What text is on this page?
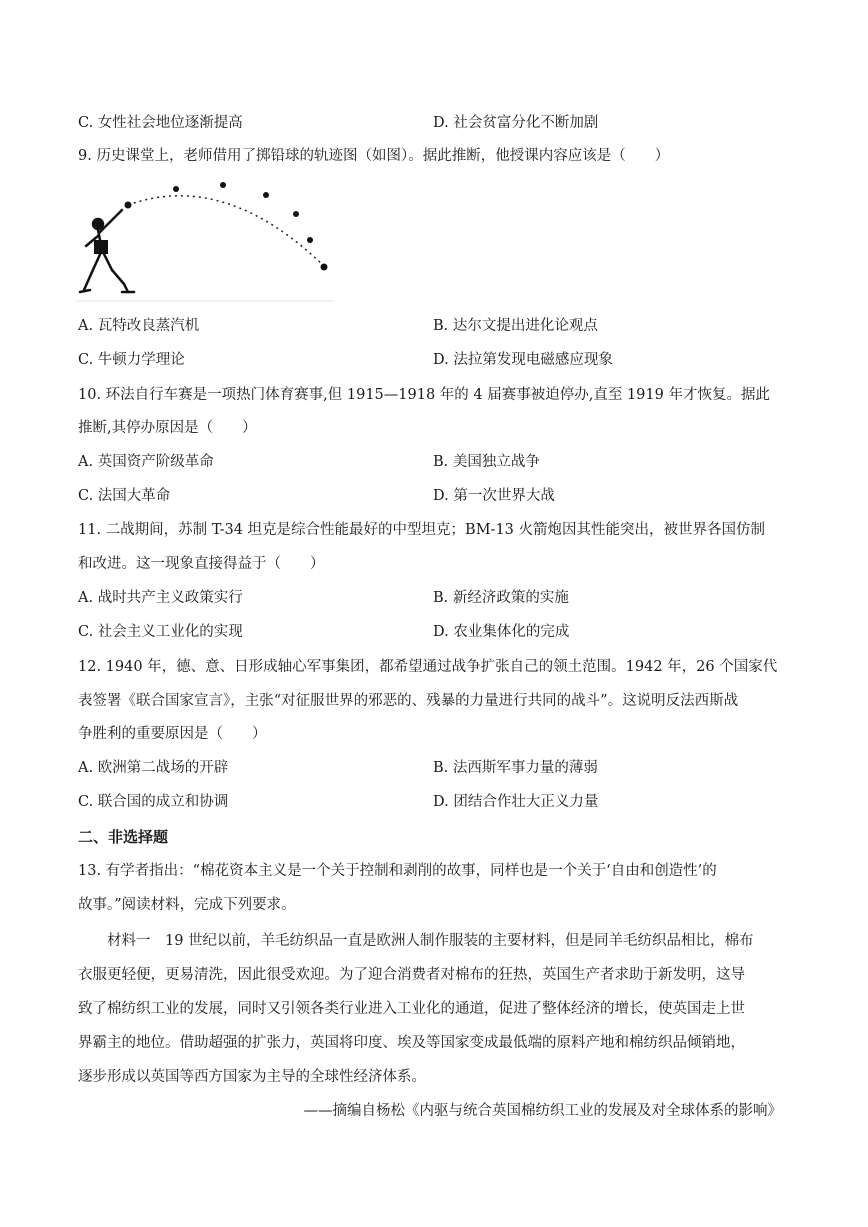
C. 女性社会地位逐渐提高	D. 社会贫富分化不断加剧
9. 历史课堂上，老师借用了掷铅球的轨迹图（如图）。据此推断，他授课内容应该是（　　）
A. 瓦特改良蒸汽机	B. 达尔文提出进化论观点
C. 牛顿力学理论	D. 法拉第发现电磁感应现象
10. 环法自行车赛是一项热门体育赛事,但 1915—1918 年的 4 届赛事被迫停办,直至 1919 年才恢复。据此
推断,其停办原因是（　　）
A. 英国资产阶级革命	B. 美国独立战争
C. 法国大革命	D. 第一次世界大战
11. 二战期间，苏制 T-34 坦克是综合性能最好的中型坦克；BM-13 火箭炮因其性能突出，被世界各国仿制
和改进。这一现象直接得益于（　　）
A. 战时共产主义政策实行	B. 新经济政策的实施
C. 社会主义工业化的实现	D. 农业集体化的完成
12. 1940 年，德、意、日形成轴心军事集团，都希望通过战争扩张自己的领土范围。1942 年，26 个国家代
表签署《联合国家宣言》，主张“对征服世界的邪恶的、残暴的力量进行共同的战斗”。这说明反法西斯战
争胜利的重要原因是（　　）
A. 欧洲第二战场的开辟	B. 法西斯军事力量的薄弱
C. 联合国的成立和协调	D. 团结合作壮大正义力量
二、非选择题
13. 有学者指出：“棉花资本主义是一个关于控制和剥削的故事，同样也是一个关于‘自由和创造性’的
故事。”阅读材料，完成下列要求。
材料一　19 世纪以前，羊毛纺织品一直是欧洲人制作服装的主要材料，但是同羊毛纺织品相比，棉布
衣服更轻便，更易清洗，因此很受欢迎。为了迎合消费者对棉布的狂热，英国生产者求助于新发明，这导
致了棉纺织工业的发展，同时又引领各类行业进入工业化的通道，促进了整体经济的增长，使英国走上世
界霸主的地位。借助超强的扩张力，英国将印度、埃及等国家变成最低端的原料产地和棉纺织品倾销地，
逐步形成以英国等西方国家为主导的全球性经济体系。
——摘编自杨松《内驱与统合英国棉纺织工业的发展及对全球体系的影响》
